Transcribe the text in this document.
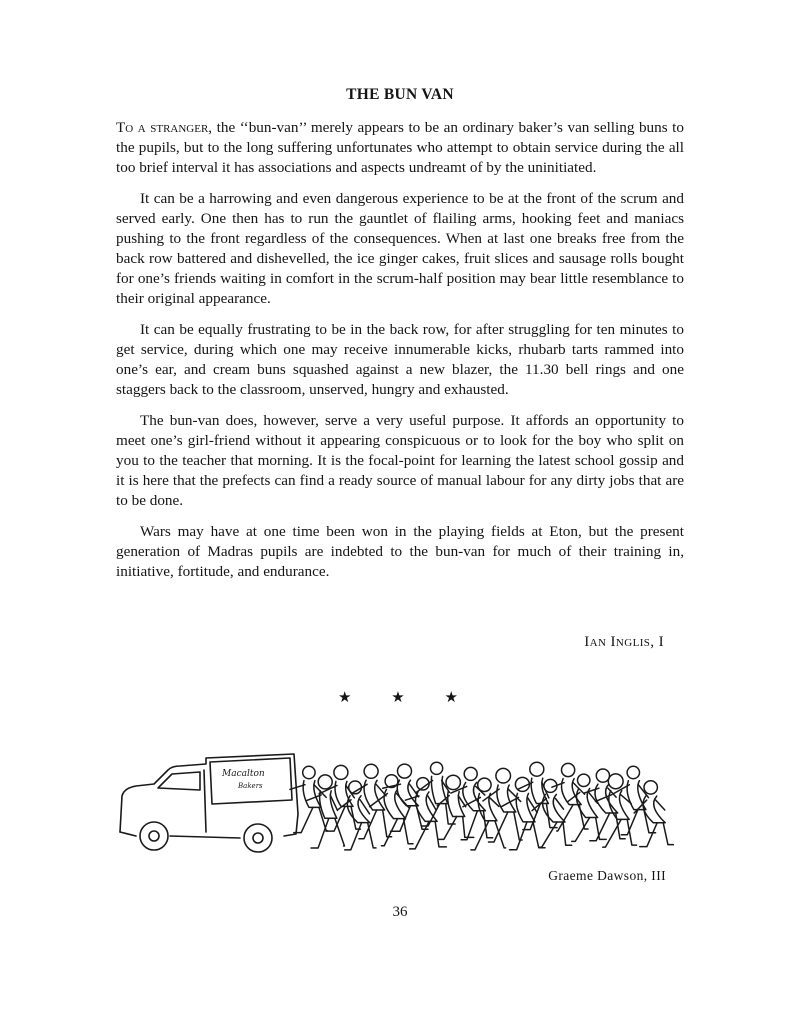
THE BUN VAN

To a stranger, the ‘‘bun-van’’ merely appears to be an ordinary baker’s van selling buns to the pupils, but to the long suffering unfortunates who attempt to obtain service during the all too brief interval it has associations and aspects undreamt of by the uninitiated.

It can be a harrowing and even dangerous experience to be at the front of the scrum and served early. One then has to run the gauntlet of flailing arms, hooking feet and maniacs pushing to the front regardless of the consequences. When at last one breaks free from the back row battered and dishevelled, the ice ginger cakes, fruit slices and sausage rolls bought for one’s friends waiting in comfort in the scrum-half position may bear little resemblance to their original appearance.

It can be equally frustrating to be in the back row, for after struggling for ten minutes to get service, during which one may receive innumerable kicks, rhubarb tarts rammed into one’s ear, and cream buns squashed against a new blazer, the 11.30 bell rings and one staggers back to the classroom, unserved, hungry and exhausted.

The bun-van does, however, serve a very useful purpose. It affords an opportunity to meet one’s girl-friend without it appearing conspicuous or to look for the boy who split on you to the teacher that morning. It is the focal-point for learning the latest school gossip and it is here that the prefects can find a ready source of manual labour for any dirty jobs that are to be done.

Wars may have at one time been won in the playing fields at Eton, but the present generation of Madras pupils are indebted to the bun-van for much of their training in, initiative, fortitude, and endurance.

Ian Inglis, I
★	★	★
Macalton
Bakers
Graeme Dawson, III
36
